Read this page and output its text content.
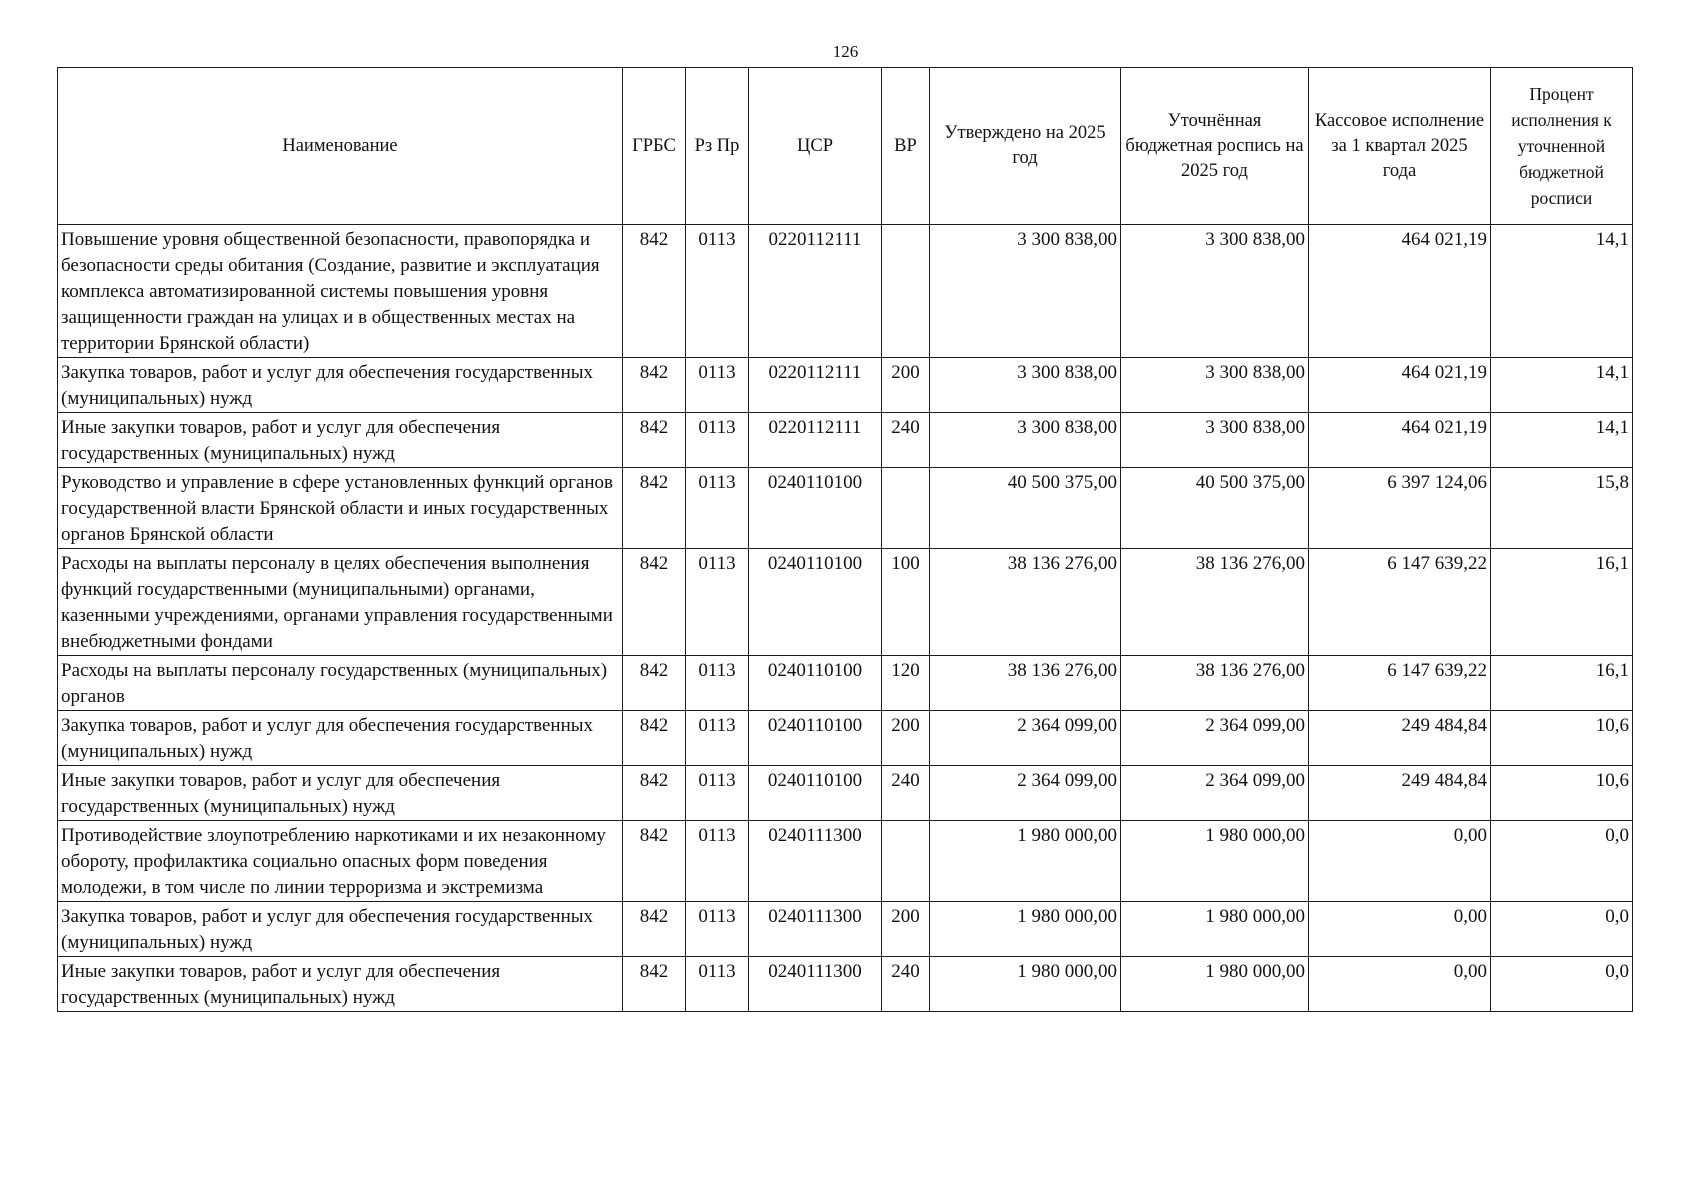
126
Наименование	ГРБС	Рз Пр	ЦСР	ВР	Утверждено на 2025 год	Уточнённая бюджетная роспись на 2025 год	Кассовое исполнение за 1 квартал 2025 года	Процент исполнения к уточненной бюджетной росписи
Повышение уровня общественной безопасности, правопорядка и безопасности среды обитания (Создание, развитие и эксплуатация комплекса автоматизированной системы повышения уровня защищенности граждан на улицах и в общественных местах на территории Брянской области)	842	0113	0220112111		3 300 838,00	3 300 838,00	464 021,19	14,1
Закупка товаров, работ и услуг для обеспечения государственных (муниципальных) нужд	842	0113	0220112111	200	3 300 838,00	3 300 838,00	464 021,19	14,1
Иные закупки товаров, работ и услуг для обеспечения государственных (муниципальных) нужд	842	0113	0220112111	240	3 300 838,00	3 300 838,00	464 021,19	14,1
Руководство и управление в сфере установленных функций органов государственной власти Брянской области и иных государственных органов Брянской области	842	0113	0240110100		40 500 375,00	40 500 375,00	6 397 124,06	15,8
Расходы на выплаты персоналу в целях обеспечения выполнения функций государственными (муниципальными) органами, казенными учреждениями, органами управления государственными внебюджетными фондами	842	0113	0240110100	100	38 136 276,00	38 136 276,00	6 147 639,22	16,1
Расходы на выплаты персоналу государственных (муниципальных) органов	842	0113	0240110100	120	38 136 276,00	38 136 276,00	6 147 639,22	16,1
Закупка товаров, работ и услуг для обеспечения государственных (муниципальных) нужд	842	0113	0240110100	200	2 364 099,00	2 364 099,00	249 484,84	10,6
Иные закупки товаров, работ и услуг для обеспечения государственных (муниципальных) нужд	842	0113	0240110100	240	2 364 099,00	2 364 099,00	249 484,84	10,6
Противодействие злоупотреблению наркотиками и их незаконному обороту, профилактика социально опасных форм поведения молодежи, в том числе по линии терроризма и экстремизма	842	0113	0240111300		1 980 000,00	1 980 000,00	0,00	0,0
Закупка товаров, работ и услуг для обеспечения государственных (муниципальных) нужд	842	0113	0240111300	200	1 980 000,00	1 980 000,00	0,00	0,0
Иные закупки товаров, работ и услуг для обеспечения государственных (муниципальных) нужд	842	0113	0240111300	240	1 980 000,00	1 980 000,00	0,00	0,0
